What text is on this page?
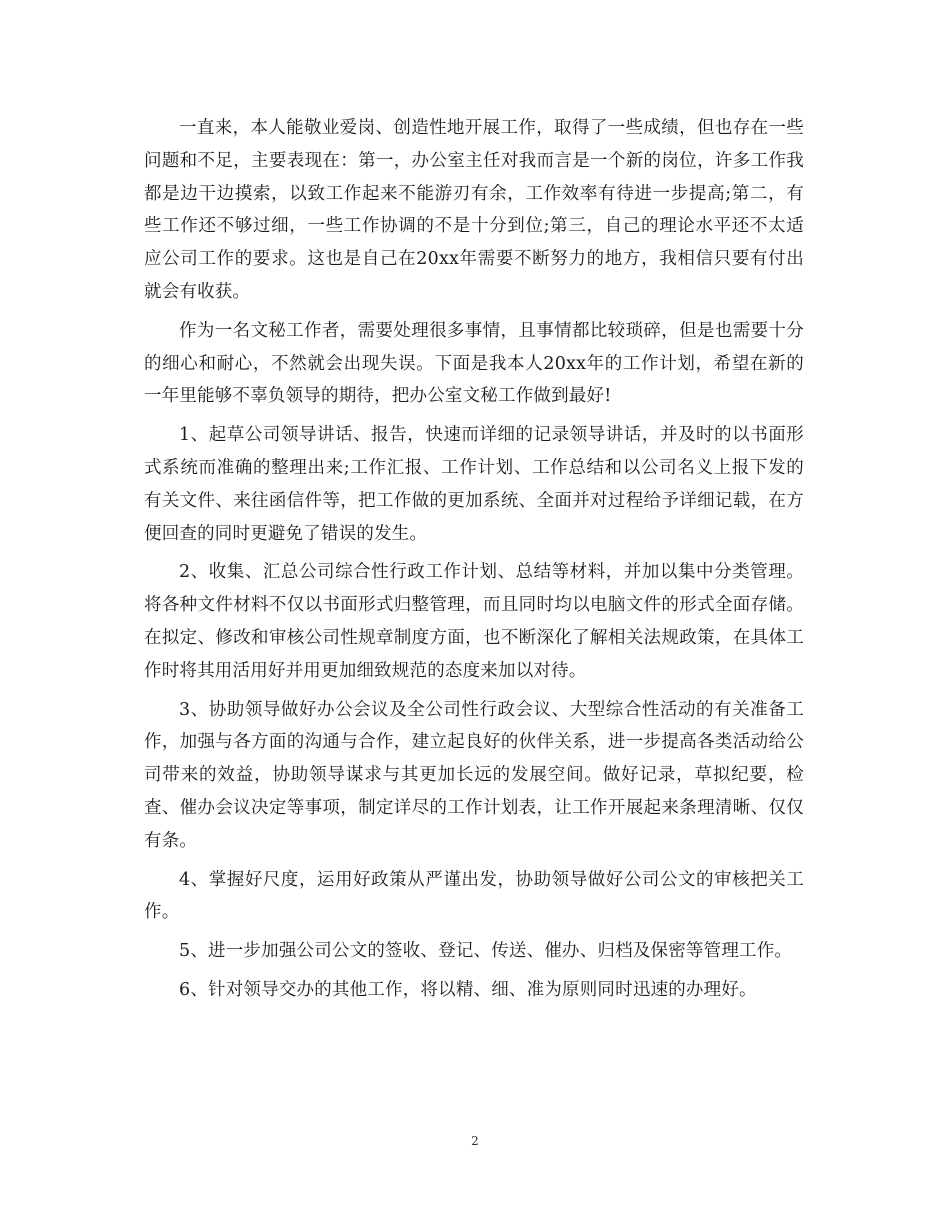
一直来，本人能敬业爱岗、创造性地开展工作，取得了一些成绩，但也存在一些问题和不足，主要表现在：第一，办公室主任对我而言是一个新的岗位，许多工作我都是边干边摸索，以致工作起来不能游刃有余，工作效率有待进一步提高;第二，有些工作还不够过细，一些工作协调的不是十分到位;第三，自己的理论水平还不太适应公司工作的要求。这也是自己在20xx年需要不断努力的地方，我相信只要有付出就会有收获。

作为一名文秘工作者，需要处理很多事情，且事情都比较琐碎，但是也需要十分的细心和耐心，不然就会出现失误。下面是我本人20xx年的工作计划，希望在新的一年里能够不辜负领导的期待，把办公室文秘工作做到最好!

1、起草公司领导讲话、报告，快速而详细的记录领导讲话，并及时的以书面形式系统而准确的整理出来;工作汇报、工作计划、工作总结和以公司名义上报下发的有关文件、来往函信件等，把工作做的更加系统、全面并对过程给予详细记载，在方便回查的同时更避免了错误的发生。

2、收集、汇总公司综合性行政工作计划、总结等材料，并加以集中分类管理。将各种文件材料不仅以书面形式归整管理，而且同时均以电脑文件的形式全面存储。在拟定、修改和审核公司性规章制度方面，也不断深化了解相关法规政策，在具体工作时将其用活用好并用更加细致规范的态度来加以对待。

3、协助领导做好办公会议及全公司性行政会议、大型综合性活动的有关准备工作，加强与各方面的沟通与合作，建立起良好的伙伴关系，进一步提高各类活动给公司带来的效益，协助领导谋求与其更加长远的发展空间。做好记录，草拟纪要，检查、催办会议决定等事项，制定详尽的工作计划表，让工作开展起来条理清晰、仅仅有条。

4、掌握好尺度，运用好政策从严谨出发，协助领导做好公司公文的审核把关工作。

5、进一步加强公司公文的签收、登记、传送、催办、归档及保密等管理工作。

6、针对领导交办的其他工作，将以精、细、准为原则同时迅速的办理好。

2
